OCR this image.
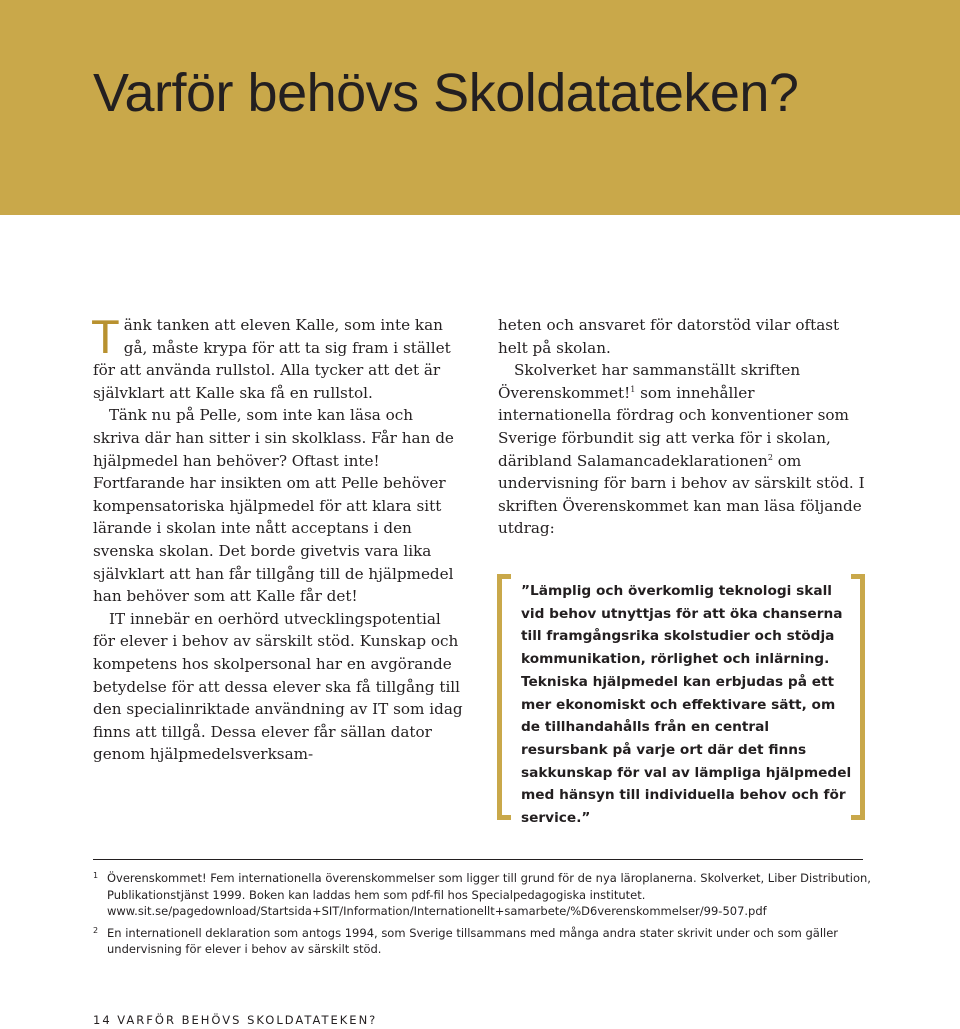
Varför behövs Skoldatateken?

Tänk tanken att eleven Kalle, som inte kan gå, måste krypa för att ta sig fram i stället för att använda rullstol. Alla tycker att det är självklart att Kalle ska få en rullstol.

Tänk nu på Pelle, som inte kan läsa och skriva där han sitter i sin skolklass. Får han de hjälpmedel han behöver? Oftast inte! Fortfarande har insikten om att Pelle behöver kompensatoriska hjälpmedel för att klara sitt lärande i skolan inte nått acceptans i den svenska skolan. Det borde givetvis vara lika självklart att han får tillgång till de hjälpmedel han behöver som att Kalle får det!

IT innebär en oerhörd utvecklingspotential för elever i behov av särskilt stöd. Kunskap och kompetens hos skolpersonal har en avgörande betydelse för att dessa elever ska få tillgång till den specialinriktade användning av IT som idag finns att tillgå. Dessa elever får sällan dator genom hjälpmedelsverksam-

heten och ansvaret för datorstöd vilar oftast helt på skolan.

Skolverket har sammanställt skriften Överenskommet!$^1$ som innehåller internationella fördrag och konventioner som Sverige förbundit sig att verka för i skolan, däribland Salamancadeklarationen$^2$ om undervisning för barn i behov av särskilt stöd. I skriften Överenskommet kan man läsa följande utdrag:

”Lämplig och överkomlig teknologi skall vid behov utnyttjas för att öka chanserna till framgångsrika skolstudier och stödja kommunikation, rörlighet och inlärning. Tekniska hjälpmedel kan erbjudas på ett mer ekonomiskt och effektivare sätt, om de tillhandahålls från en central resursbank på varje ort där det finns sakkunskap för val av lämpliga hjälpmedel med hänsyn till individuella behov och för service.”
1 Överenskommet! Fem internationella överenskommelser som ligger till grund för de nya läroplanerna. Skolverket, Liber Distribution, Publikationstjänst 1999. Boken kan laddas hem som pdf-fil hos Specialpedagogiska institutet. www.sit.se/pagedownload/Startsida+SIT/Information/Internationellt+samarbete/%D6verenskommelser/99-507.pdf
2 En internationell deklaration som antogs 1994, som Sverige tillsammans med många andra stater skrivit under och som gäller undervisning för elever i behov av särskilt stöd.
14 VARFÖR BEHÖVS SKOLDATATEKEN?
